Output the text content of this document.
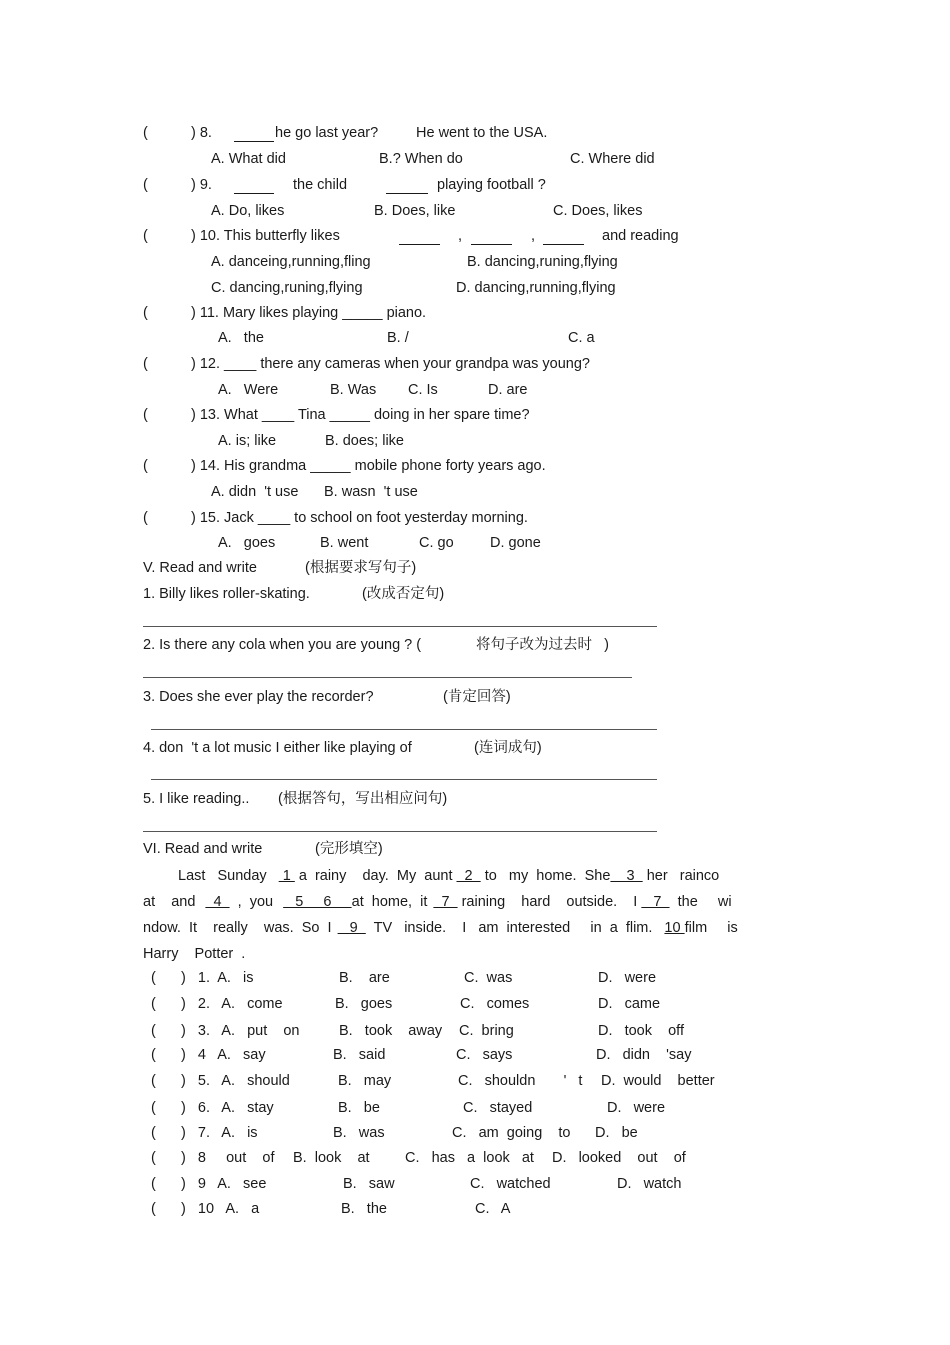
(	) 8.	he go last year?	He went to the USA.
A. What did	B.? When do	C. Where did
(	) 9.	the child	playing football ?
A. Do, likes	B. Does, like	C. Does, likes
(	) 10. This butterfly likes	,	,	and reading
A. danceing,running,fling	B. dancing,runing,flying
C. dancing,runing,flying	D. dancing,running,flying
(	) 11. Mary likes playing _____ piano.
A.   the	B. /	C. a
(	) 12. ____ there any cameras when your grandpa was young?
A.   Were	B. Was C. Is	D. are
(	) 13. What ____ Tina _____ doing in her spare time?
A. is; like	B. does; like
(	) 14. His grandma _____ mobile phone forty years ago.
A. didn  't use B. wasn  't use
(	) 15. Jack ____ to school on foot yesterday morning.
A.   goes	B. went	C. go	D. gone
V. Read and write	(根据要求写句子)
1. Billy likes roller-skating.	(改成否定句)
2. Is there any cola when you are young ? (	将句子改为过去时   )
3. Does she ever play the recorder?	(肯定回答)
4. don  't a lot music I either like playing of	(连词成句)
5. I like reading.. (根据答句，写出相应问句)
VI. Read and write	(完形填空)
Last   Sunday 1  a  rainy    day.  My  aunt  2   to   my  home.  She    3   her   rainco
at    and  4    ,  you   5     6     at  home,  it  7   raining    hard    outside.    I   7    the     wi
ndow.  It    really    was.  So  I   9    TV   inside.    I   am  interested     in  a  flim. 10 film     is
Harry    Potter  .
( )   1.  A.   is	B.    are	C.  was	D.   were
( )   2.   A.   come	B.   goes	C.   comes	D.   came
( )   3.   A.   put    on	B.   took    away C.  bring	D.   took    off
( )   4   A.   say	B.   said	C.   says	D.   didn    'say
( )   5.   A.   should	B.   may	C.   shouldn       '   t D.  would    better
( )   6.   A.   stay	B.   be	C.   stayed	D.   were
( )   7.   A.   is	B.   was	C.   am  going    to D.   be
( )   8     out    of B.  look    at C.   has   a  look   at D.   looked    out    of
( )   9   A.   see	B.   saw	C.   watched	D.   watch
( )   10   A.   a	B.   the	C.   A
